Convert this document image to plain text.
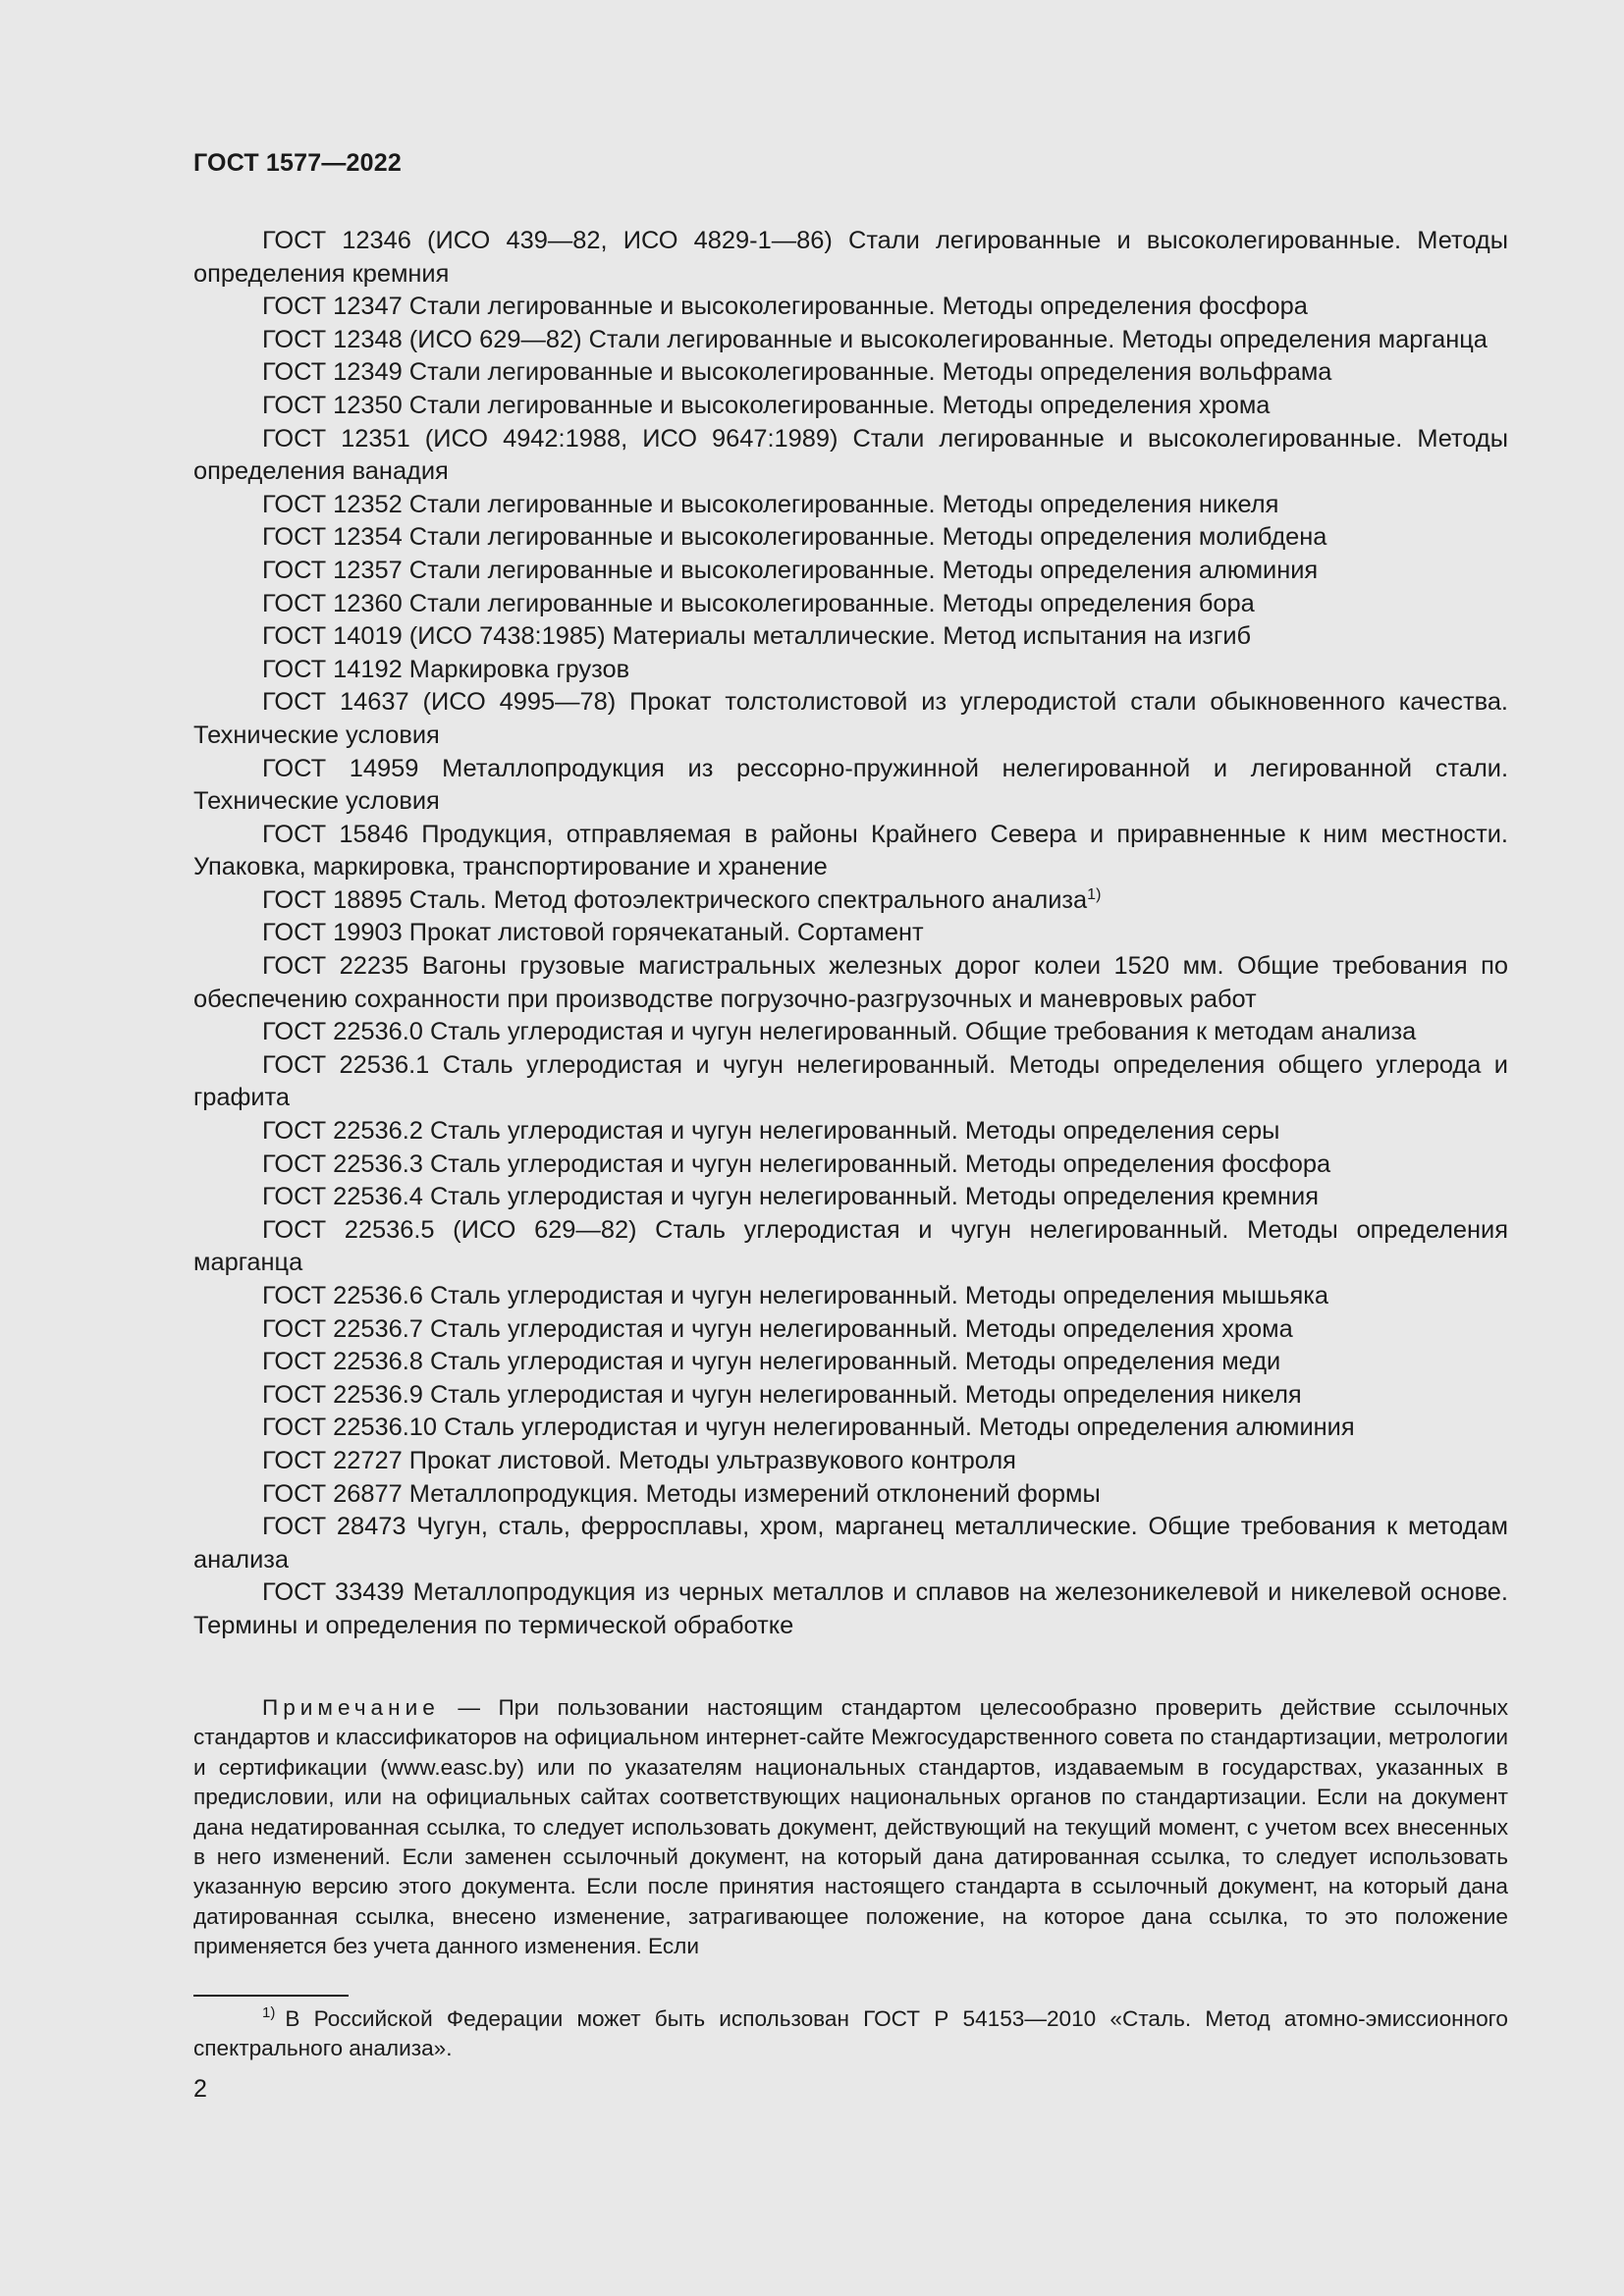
ГОСТ 1577—2022

ГОСТ 12346 (ИСО 439—82, ИСО 4829-1—86) Стали легированные и высоколегированные. Методы определения кремния

ГОСТ 12347 Стали легированные и высоколегированные. Методы определения фосфора

ГОСТ 12348 (ИСО 629—82) Стали легированные и высоколегированные. Методы определения марганца

ГОСТ 12349 Стали легированные и высоколегированные. Методы определения вольфрама

ГОСТ 12350 Стали легированные и высоколегированные. Методы определения хрома

ГОСТ 12351 (ИСО 4942:1988, ИСО 9647:1989) Стали легированные и высоколегированные. Методы определения ванадия

ГОСТ 12352 Стали легированные и высоколегированные. Методы определения никеля

ГОСТ 12354 Стали легированные и высоколегированные. Методы определения молибдена

ГОСТ 12357 Стали легированные и высоколегированные. Методы определения алюминия

ГОСТ 12360 Стали легированные и высоколегированные. Методы определения бора

ГОСТ 14019 (ИСО 7438:1985) Материалы металлические. Метод испытания на изгиб

ГОСТ 14192 Маркировка грузов

ГОСТ 14637 (ИСО 4995—78) Прокат толстолистовой из углеродистой стали обыкновенного качества. Технические условия

ГОСТ 14959 Металлопродукция из рессорно-пружинной нелегированной и легированной стали. Технические условия

ГОСТ 15846 Продукция, отправляемая в районы Крайнего Севера и приравненные к ним местности. Упаковка, маркировка, транспортирование и хранение

ГОСТ 18895 Сталь. Метод фотоэлектрического спектрального анализа$^{1)}$

ГОСТ 19903 Прокат листовой горячекатаный. Сортамент

ГОСТ 22235 Вагоны грузовые магистральных железных дорог колеи 1520 мм. Общие требования по обеспечению сохранности при производстве погрузочно-разгрузочных и маневровых работ

ГОСТ 22536.0 Сталь углеродистая и чугун нелегированный. Общие требования к методам анализа

ГОСТ 22536.1 Сталь углеродистая и чугун нелегированный. Методы определения общего углерода и графита

ГОСТ 22536.2 Сталь углеродистая и чугун нелегированный. Методы определения серы

ГОСТ 22536.3 Сталь углеродистая и чугун нелегированный. Методы определения фосфора

ГОСТ 22536.4 Сталь углеродистая и чугун нелегированный. Методы определения кремния

ГОСТ 22536.5 (ИСО 629—82) Сталь углеродистая и чугун нелегированный. Методы определения марганца

ГОСТ 22536.6 Сталь углеродистая и чугун нелегированный. Методы определения мышьяка

ГОСТ 22536.7 Сталь углеродистая и чугун нелегированный. Методы определения хрома

ГОСТ 22536.8 Сталь углеродистая и чугун нелегированный. Методы определения меди

ГОСТ 22536.9 Сталь углеродистая и чугун нелегированный. Методы определения никеля

ГОСТ 22536.10 Сталь углеродистая и чугун нелегированный. Методы определения алюминия

ГОСТ 22727 Прокат листовой. Методы ультразвукового контроля

ГОСТ 26877 Металлопродукция. Методы измерений отклонений формы

ГОСТ 28473 Чугун, сталь, ферросплавы, хром, марганец металлические. Общие требования к методам анализа

ГОСТ 33439 Металлопродукция из черных металлов и сплавов на железоникелевой и никелевой основе. Термины и определения по термической обработке

Примечание — При пользовании настоящим стандартом целесообразно проверить действие ссылочных стандартов и классификаторов на официальном интернет-сайте Межгосударственного совета по стандартизации, метрологии и сертификации (www.easc.by) или по указателям национальных стандартов, издаваемым в государствах, указанных в предисловии, или на официальных сайтах соответствующих национальных органов по стандартизации. Если на документ дана недатированная ссылка, то следует использовать документ, действующий на текущий момент, с учетом всех внесенных в него изменений. Если заменен ссылочный документ, на который дана датированная ссылка, то следует использовать указанную версию этого документа. Если после принятия настоящего стандарта в ссылочный документ, на который дана датированная ссылка, внесено изменение, затрагивающее положение, на которое дана ссылка, то это положение применяется без учета данного изменения. Если

$^{1)}$ В Российской Федерации может быть использован ГОСТ Р 54153—2010 «Сталь. Метод атомно-эмиссионного спектрального анализа».

2
